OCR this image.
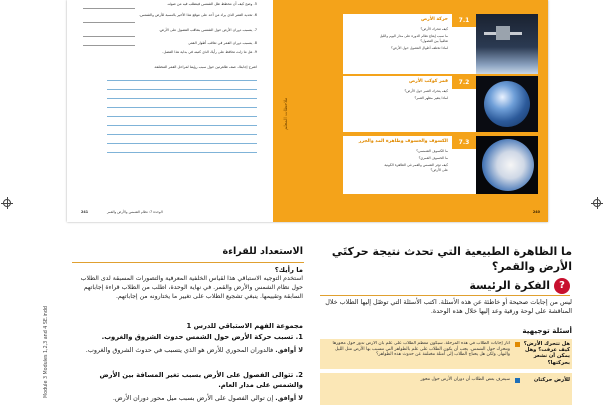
5. وضح كيف أن مخطط ظل الشمس فيتطلب فيه من ضوئه.
6. تحديد القمر الذي يراد من أحد على موقع هذا الأخير بالنسبة للأرض والشمس.
7. يتسبب دوران الأرض حول الشمس بتعاقب الفصول على الأرض.
8. يتسبب دوران القمر في تعاقب أطوار القمر.
9. هل ما زلت تحافظ على رأيك الذي كتبته في بداية هذا الفصل.
اشرح إجابتك. صف ظاهرتين حول سبب رؤيتنا لمراحل القمر المختلفة.
241	الوحدة 7: نظام الشمس والأرض والقمر
ملاحظات المعلم
7.1
حركة الأرض
كيف تتحرك الأرض؟
ما سبب إيقاع نظام الدورة على مدار اليوم والليل تعاقبياً بين الفصول؟
لماذا تختلف أطوال الفصول حول الأرض؟
7.2
قمر كوكب الأرض
كيف يتحرك القمر حول الأرض؟
لماذا يتغير مظهر القمر؟
7.3
الكسوف والخسوف وظاهرة المد والجزر
ما الكسوف الشمسي؟
ما الخسوف القمري؟
كيف تؤثر الشمس والقمر في الظاهرة الكونية على الأرض؟
240
ما الظاهرة الطبيعية التي تحدث نتيجة حركتَي الأرض والقمر؟
?
الفكرة الرئيسة
ليس من إجابات صحيحة أو خاطئة عن هذه الأسئلة. اكتب الأسئلة التي توصّل إليها الطلاب خلال المناقشة على لوحة ورقية وعد إليها خلال هذه الوحدة.
أسئلة توجيهية
هل تتحرك الأرض؟ كيف عرفت؟ وهل يمكن أن نشعر بحركتها؟
أثار إجابات الطلاب في هذه المرحلة. سيكون معظم الطلاب على علم بأن الأرض تدور حول محورها وتتحرك حول الشمس. يجب أن يكون الطلاب على علم بالظواهر التي تتسبب بها الأرض مثل الليل والنهار. ولكن هل يحتاج الطلاب إلى أمثلة مختلفة عن حدوث هذه الظواهر؟
للأرض حركتان
سيعرف بعض الطلاب أن دوران الأرض حول محور
الاستعداد للقراءة
ما رأيك؟
استخدم التوجيه الاستباقي هذا لقياس الخلفية المعرفية والتصورات المسبقة لدى الطلاب حول نظام الشمس والأرض والقمر. في نهاية الوحدة، اطلب من الطلاب قراءة إجاباتهم السابقة وتقييمها. ينبغي تشجيع الطلاب على تغيير ما يختارونه من إجاباتهم.
مجموعة الفهم الاستباقي للدرس 1
1. تسبب حركة الأرض حول الشمس حدوث الشروق والغروب.
لا أوافق. فالدوران المحوري للأرض هو الذي يتسبب في حدوث الشروق والغروب.
2. تتوالى الفصول على الأرض بسبب تغير المسافة بين الأرض والشمس على مدار العام.
لا أوافق. إن توالي الفصول على الأرض بسبب ميل محور دوران الأرض.
Module 3 Modules 1,2,3 and 4 SE.indd
